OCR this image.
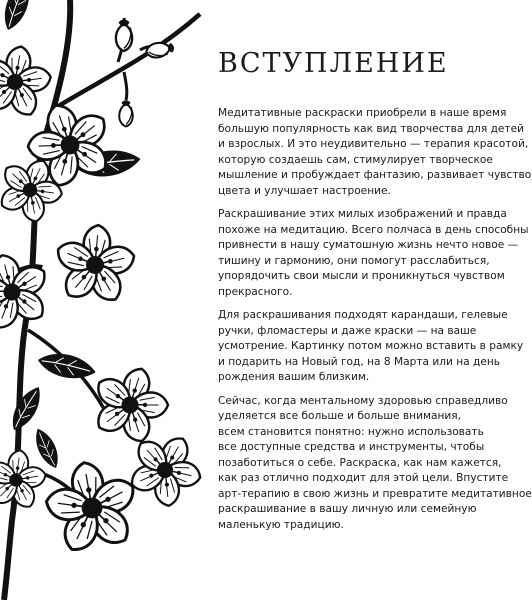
ВСТУПЛЕНИЕ

Медитативные раскраски приобрели в наше время
большую популярность как вид творчества для детей
и взрослых. И это неудивительно — терапия красотой,
которую создаешь сам, стимулирует творческое
мышление и пробуждает фантазию, развивает чувство
цвета и улучшает настроение.

Раскрашивание этих милых изображений и правда
похоже на медитацию. Всего полчаса в день способны
привнести в нашу суматошную жизнь нечто новое —
тишину и гармонию, они помогут расслабиться,
упорядочить свои мысли и проникнуться чувством
прекрасного.

Для раскрашивания подходят карандаши, гелевые
ручки, фломастеры и даже краски — на ваше
усмотрение. Картинку потом можно вставить в рамку
и подарить на Новый год, на 8 Марта или на день
рождения вашим близким.

Сейчас, когда ментальному здоровью справедливо
уделяется все больше и больше внимания,
всем становится понятно: нужно использовать
все доступные средства и инструменты, чтобы
позаботиться о себе. Раскраска, как нам кажется,
как раз отлично подходит для этой цели. Впустите
арт-терапию в свою жизнь и превратите медитативное
раскрашивание в вашу личную или семейную
маленькую традицию.
